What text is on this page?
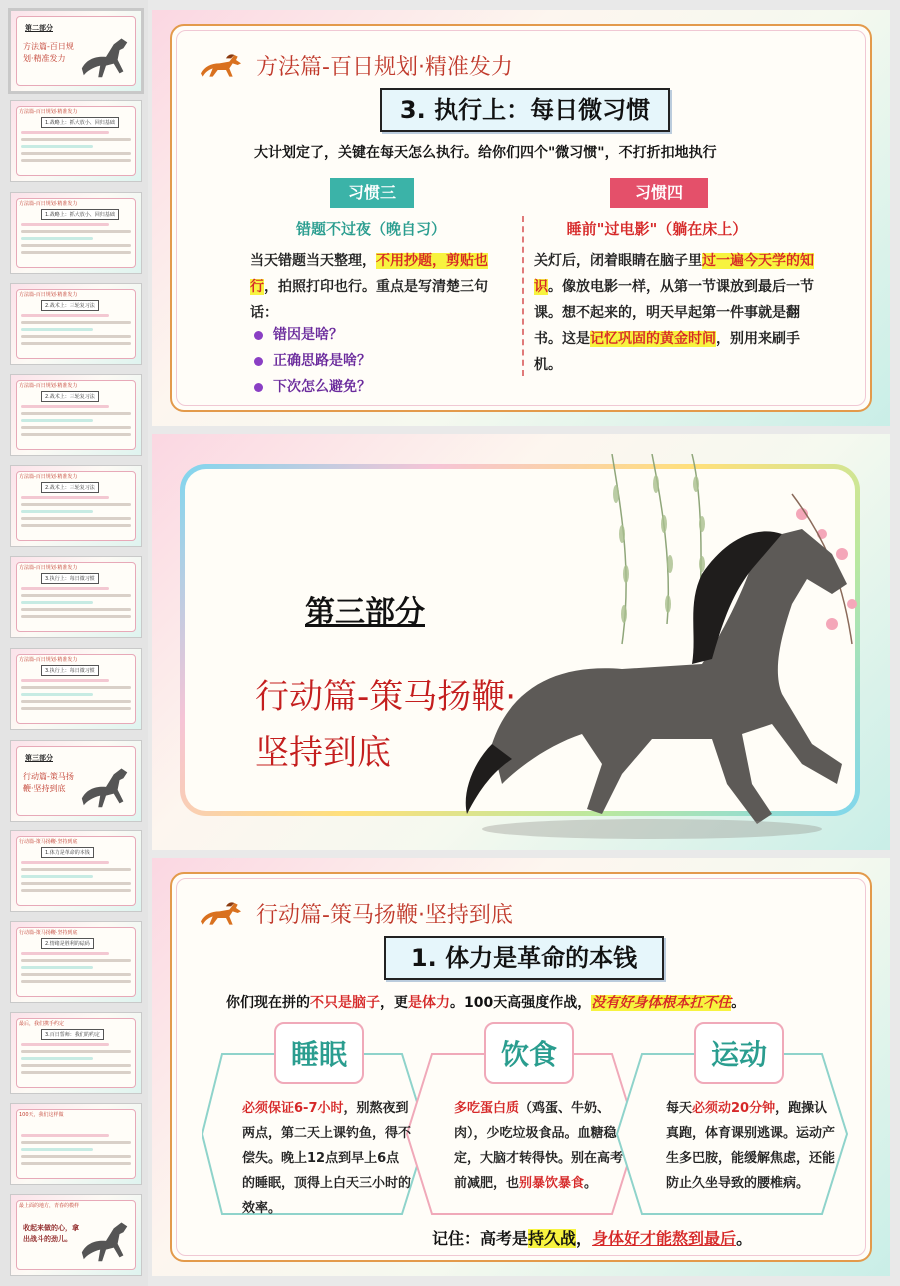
第二部分
方法篇-百日规划·精准发力
方法篇-百日规划·精准发力
1.战略上：抓大放小、回归基础
方法篇-百日规划·精准发力
1.战略上：抓大放小、回归基础
方法篇-百日规划·精准发力
2.战术上：三轮复习法
方法篇-百日规划·精准发力
2.战术上：三轮复习法
方法篇-百日规划·精准发力
2.战术上：三轮复习法
方法篇-百日规划·精准发力
3.执行上：每日微习惯
方法篇-百日规划·精准发力
3.执行上：每日微习惯
第三部分
行动篇-策马扬鞭·坚持到底
行动篇-策马扬鞭·坚持到底
1.体力是革命的本钱
行动篇-策马扬鞭·坚持到底
2.情绪是胜利的砝码
最后，我们携手约定
3.百日誓师：我们的约定
100天，我们这样做
最上面的地方，青春的模样
收起来做的心，拿出战斗的劲儿。
方法篇-百日规划·精准发力
3. 执行上：每日微习惯
大计划定了，关键在每天怎么执行。给你们四个"微习惯"，不打折扣地执行
习惯三
错题不过夜（晚自习）
当天错题当天整理，不用抄题，剪贴也行，拍照打印也行。重点是写清楚三句话：
错因是啥？
正确思路是啥？
下次怎么避免？
习惯四
睡前"过电影"（躺在床上）
关灯后，闭着眼睛在脑子里过一遍今天学的知识。像放电影一样，从第一节课放到最后一节课。想不起来的，明天早起第一件事就是翻书。这是记忆巩固的黄金时间，别用来刷手机。
第三部分
行动篇-策马扬鞭·坚持到底
行动篇-策马扬鞭·坚持到底
1. 体力是革命的本钱
你们现在拼的不只是脑子，更是体力。100天高强度作战，没有好身体根本扛不住。
睡眠	饮食	运动
必须保证6-7小时，别熬夜到两点，第二天上课钓鱼，得不偿失。晚上12点到早上6点的睡眠，顶得上白天三小时的效率。
多吃蛋白质（鸡蛋、牛奶、肉），少吃垃圾食品。血糖稳定，大脑才转得快。别在高考前减肥，也别暴饮暴食。
每天必须动20分钟，跑操认真跑，体育课别逃课。运动产生多巴胺，能缓解焦虑，还能防止久坐导致的腰椎病。
记住：高考是持久战，身体好才能熬到最后。
